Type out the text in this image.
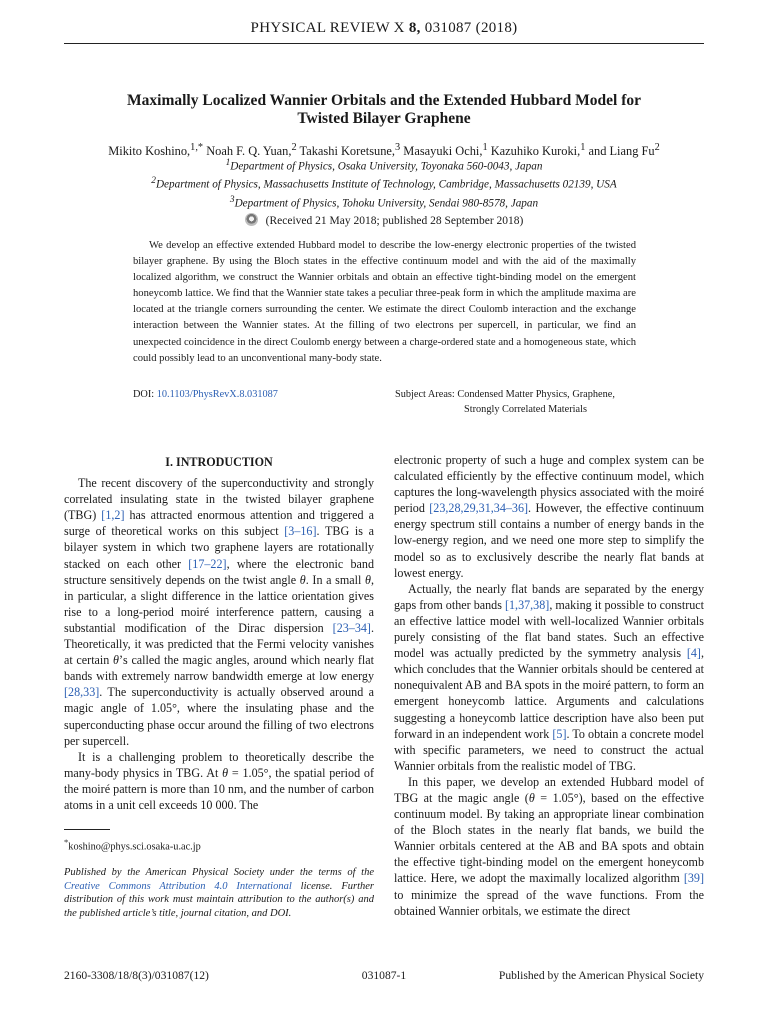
PHYSICAL REVIEW X 8, 031087 (2018)
Maximally Localized Wannier Orbitals and the Extended Hubbard Model for
Twisted Bilayer Graphene
Mikito Koshino,$^{1,*}$ Noah F. Q. Yuan,$^2$ Takashi Koretsune,$^3$ Masayuki Ochi,$^1$ Kazuhiko Kuroki,$^1$ and Liang Fu$^2$
$^1$Department of Physics, Osaka University, Toyonaka 560-0043, Japan
$^2$Department of Physics, Massachusetts Institute of Technology, Cambridge, Massachusetts 02139, USA
$^3$Department of Physics, Tohoku University, Sendai 980-8578, Japan
(Received 21 May 2018; published 28 September 2018)
We develop an effective extended Hubbard model to describe the low-energy electronic properties of the twisted bilayer graphene. By using the Bloch states in the effective continuum model and with the aid of the maximally localized algorithm, we construct the Wannier orbitals and obtain an effective tight-binding model on the emergent honeycomb lattice. We find that the Wannier state takes a peculiar three-peak form in which the amplitude maxima are located at the triangle corners surrounding the center. We estimate the direct Coulomb interaction and the exchange interaction between the Wannier states. At the filling of two electrons per supercell, in particular, we find an unexpected coincidence in the direct Coulomb energy between a charge-ordered state and a homogeneous state, which could possibly lead to an unconventional many-body state.
DOI: 10.1103/PhysRevX.8.031087	Subject Areas: Condensed Matter Physics, Graphene,
Strongly Correlated Materials
I. INTRODUCTION

The recent discovery of the superconductivity and strongly correlated insulating state in the twisted bilayer graphene (TBG) [1,2] has attracted enormous attention and triggered a surge of theoretical works on this subject [3–16]. TBG is a bilayer system in which two graphene layers are rotationally stacked on each other [17–22], where the electronic band structure sensitively depends on the twist angle θ. In a small θ, in particular, a slight difference in the lattice orientation gives rise to a long-period moiré interference pattern, causing a substantial modification of the Dirac dispersion [23–34]. Theoretically, it was predicted that the Fermi velocity vanishes at certain θ’s called the magic angles, around which nearly flat bands with extremely narrow bandwidth emerge at low energy [28,33]. The superconductivity is actually observed around a magic angle of 1.05°, where the insulating phase and the superconducting phase occur around the filling of two electrons per supercell.

It is a challenging problem to theoretically describe the many-body physics in TBG. At θ = 1.05°, the spatial period of the moiré pattern is more than 10 nm, and the number of carbon atoms in a unit cell exceeds 10 000. The

electronic property of such a huge and complex system can be calculated efficiently by the effective continuum model, which captures the long-wavelength physics associated with the moiré period [23,28,29,31,34–36]. However, the effective continuum energy spectrum still contains a number of energy bands in the low-energy region, and we need one more step to simplify the model so as to exclusively describe the nearly flat bands at lowest energy.

Actually, the nearly flat bands are separated by the energy gaps from other bands [1,37,38], making it possible to construct an effective lattice model with well-localized Wannier orbitals purely consisting of the flat band states. Such an effective model was actually predicted by the symmetry analysis [4], which concludes that the Wannier orbitals should be centered at nonequivalent AB and BA spots in the moiré pattern, to form an emergent honeycomb lattice. Arguments and calculations suggesting a honeycomb lattice description have also been put forward in an independent work [5]. To obtain a concrete model with specific parameters, we need to construct the actual Wannier orbitals from the realistic model of TBG.

In this paper, we develop an extended Hubbard model of TBG at the magic angle (θ = 1.05°), based on the effective continuum model. By taking an appropriate linear combination of the Bloch states in the nearly flat bands, we build the Wannier orbitals centered at the AB and BA spots and obtain the effective tight-binding model on the emergent honeycomb lattice. Here, we adopt the maximally localized algorithm [39] to minimize the spread of the wave functions. From the obtained Wannier orbitals, we estimate the direct

*koshino@phys.sci.osaka-u.ac.jp
Published by the American Physical Society under the terms of the Creative Commons Attribution 4.0 International license. Further distribution of this work must maintain attribution to the author(s) and the published article’s title, journal citation, and DOI.
2160-3308/18/8(3)/031087(12)	031087-1	Published by the American Physical Society
